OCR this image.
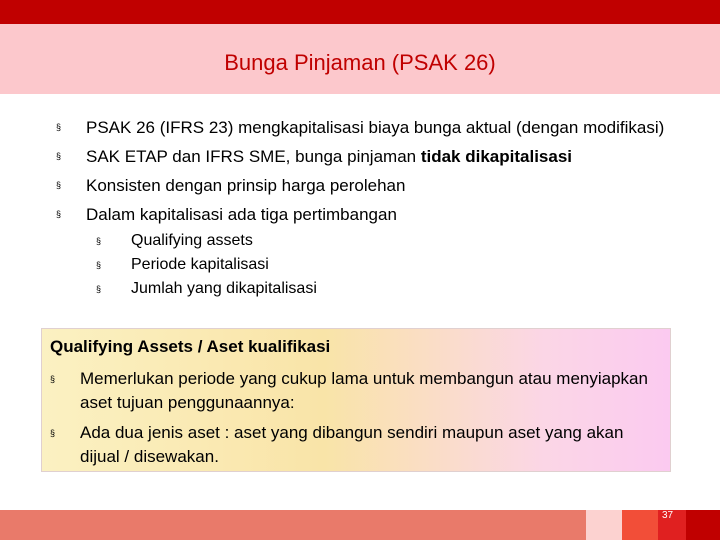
Bunga Pinjaman (PSAK 26)
§ PSAK 26 (IFRS 23) mengkapitalisasi biaya bunga aktual (dengan modifikasi)
§ SAK ETAP dan IFRS SME, bunga pinjaman tidak dikapitalisasi
§ Konsisten dengan prinsip harga perolehan
§ Dalam kapitalisasi ada tiga pertimbangan
§ Qualifying assets
§ Periode kapitalisasi
§ Jumlah yang dikapitalisasi
Qualifying Assets / Aset kualifikasi
§ Memerlukan periode yang cukup lama untuk membangun atau menyiapkan aset tujuan penggunaannya:
§ Ada dua jenis aset : aset yang dibangun sendiri maupun aset yang akan dijual / disewakan.
37
